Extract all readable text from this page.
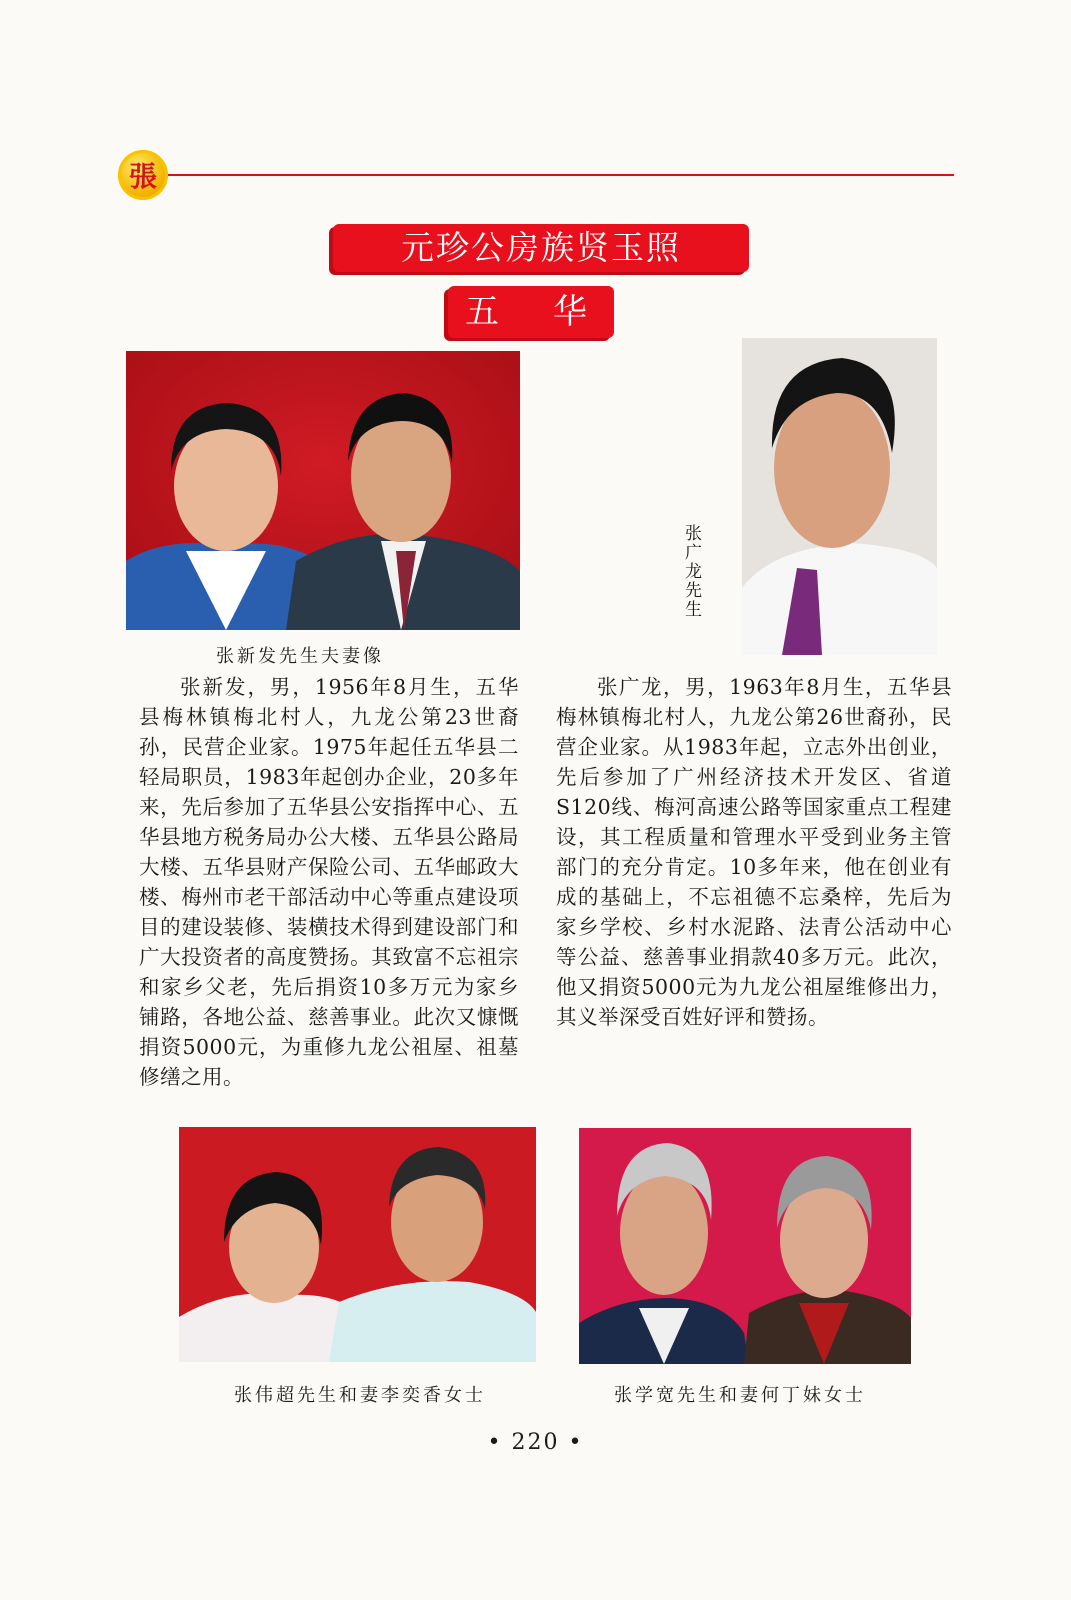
張
元珍公房族贤玉照
五　华
张新发先生夫妻像
张广龙先生

张新发，男，1956年8月生，五华县梅林镇梅北村人，九龙公第23世裔孙，民营企业家。1975年起任五华县二轻局职员，1983年起创办企业，20多年来，先后参加了五华县公安指挥中心、五华县地方税务局办公大楼、五华县公路局大楼、五华县财产保险公司、五华邮政大楼、梅州市老干部活动中心等重点建设项目的建设装修、装横技术得到建设部门和广大投资者的高度赞扬。其致富不忘祖宗和家乡父老，先后捐资10多万元为家乡铺路，各地公益、慈善事业。此次又慷慨捐资5000元，为重修九龙公祖屋、祖墓修缮之用。

张广龙，男，1963年8月生，五华县梅林镇梅北村人，九龙公第26世裔孙，民营企业家。从1983年起，立志外出创业，先后参加了广州经济技术开发区、省道S120线、梅河高速公路等国家重点工程建设，其工程质量和管理水平受到业务主管部门的充分肯定。10多年来，他在创业有成的基础上，不忘祖德不忘桑梓，先后为家乡学校、乡村水泥路、法青公活动中心等公益、慈善事业捐款40多万元。此次，他又捐资5000元为九龙公祖屋维修出力，其义举深受百姓好评和赞扬。

张伟超先生和妻李奕香女士	张学宽先生和妻何丁妹女士
• 220 •
